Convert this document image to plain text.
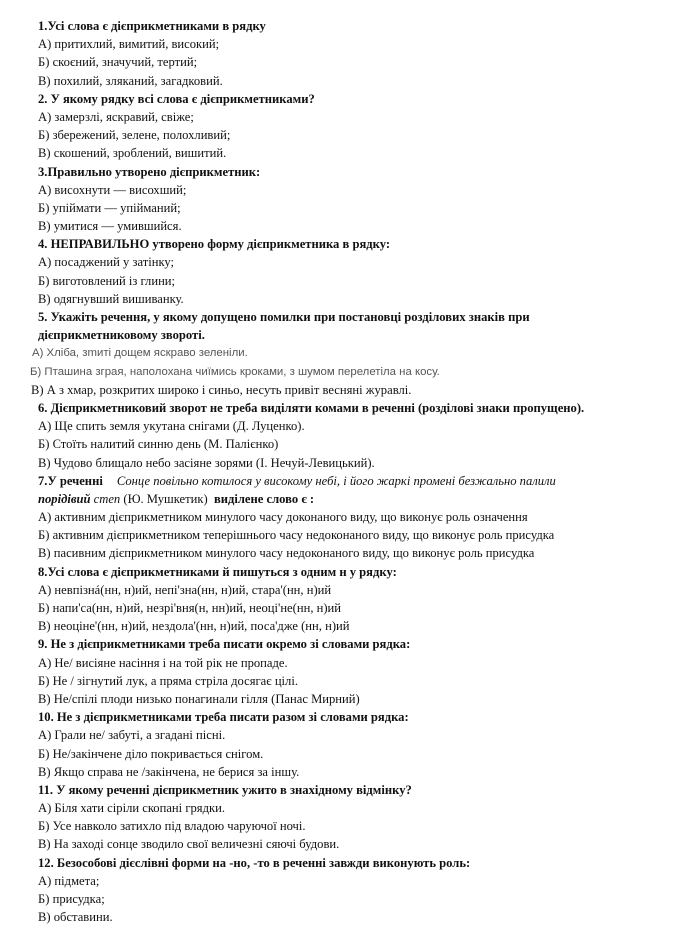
1.Усі слова є дієприкметниками в рядку
А) притихлий, вимитий, високий;
Б) скоєний, значучий, тертий;
В) похилий, зляканий, загадковий.
2. У якому рядку всі слова є дієприкметниками?
А) замерзлі, яскравий, свіже;
Б) збережений, зелене, полохливий;
В) скошений, зроблений, вишитий.
3.Правильно утворено дієприкметник:
А) висохнути — висохший;
Б) упіймати — упійманий;
В) умитися — умившийся.
4. НЕПРАВИЛЬНО утворено форму дієприкметника в рядку:
А) посаджений у затінку;
Б) виготовлений із глини;
В) одягнувший вишиванку.
5. Укажіть речення, у якому допущено помилки при постановці розділових знаків при
дієприкметниковому звороті.
А) Хліба, зmиті дощем яскраво зеленіли.
Б) Пташина зграя, наполохана чиїмись кроками, з шумом перелетіла на косу.
В) А з хмар, розкритих широко і синьо, несуть привіт весняні журавлі.
6. Дієприкметниковий зворот не треба виділяти комами в реченні (розділові знаки пропущено).
А) Ще спить земля укутана снігами (Д. Луценко).
Б) Стоїть налитий синню день (М. Палієнко)
В) Чудово блищало небо засіяне зорями (І. Нечуй-Левицький).
7.У реченні Сонце повільно котилося у високому небі, і його жаркі промені безжально палили
порідівий степ (Ю. Мушкетик) виділене слово є :
А) активним дієприкметником минулого часу доконаного виду, що виконує роль означення
Б) активним дієприкметником теперішнього часу недоконаного виду, що виконує роль присудка
В) пасивним дієприкметником минулого часу недоконаного виду, що виконує роль присудка
8.Усі слова є дієприкметниками й пишуться з одним н у рядку:
А) невпізнá(нн, н)ий, непі'зна(нн, н)ий, стара'(нн, н)ий
Б) напи'са(нн, н)ий, незрі'вня(н, нн)ий, неоці'не(нн, н)ий
В) неоціне'(нн, н)ий, нездола'(нн, н)ий, поса'дже (нн, н)ий
9. Не з дієприкметниками треба писати окремо зі словами рядка:
А) Не/ висіяне насіння і на той рік не пропаде.
Б) Не / зігнутий лук, а пряма стріла досягає цілі.
В) Не/спілі плоди низько понагинали гілля (Панас Мирний)
10. Не з дієприкметниками треба писати разом зі словами рядка:
А) Грали не/ забуті, а згадані пісні.
Б) Не/закінчене діло покривається снігом.
В) Якщо справа не /закінчена, не берися за іншу.
11. У якому реченні дієприкметник ужито в знахідному відмінку?
А) Біля хати сіріли скопані грядки.
Б) Усе навколо затихло під владою чаруючої ночі.
В) На заході сонце зводило свої величезні сяючі будови.
12. Безособові дієслівні форми на -но, -то в реченні завжди виконують роль:
А) підмета;
Б) присудка;
В) обставини.
